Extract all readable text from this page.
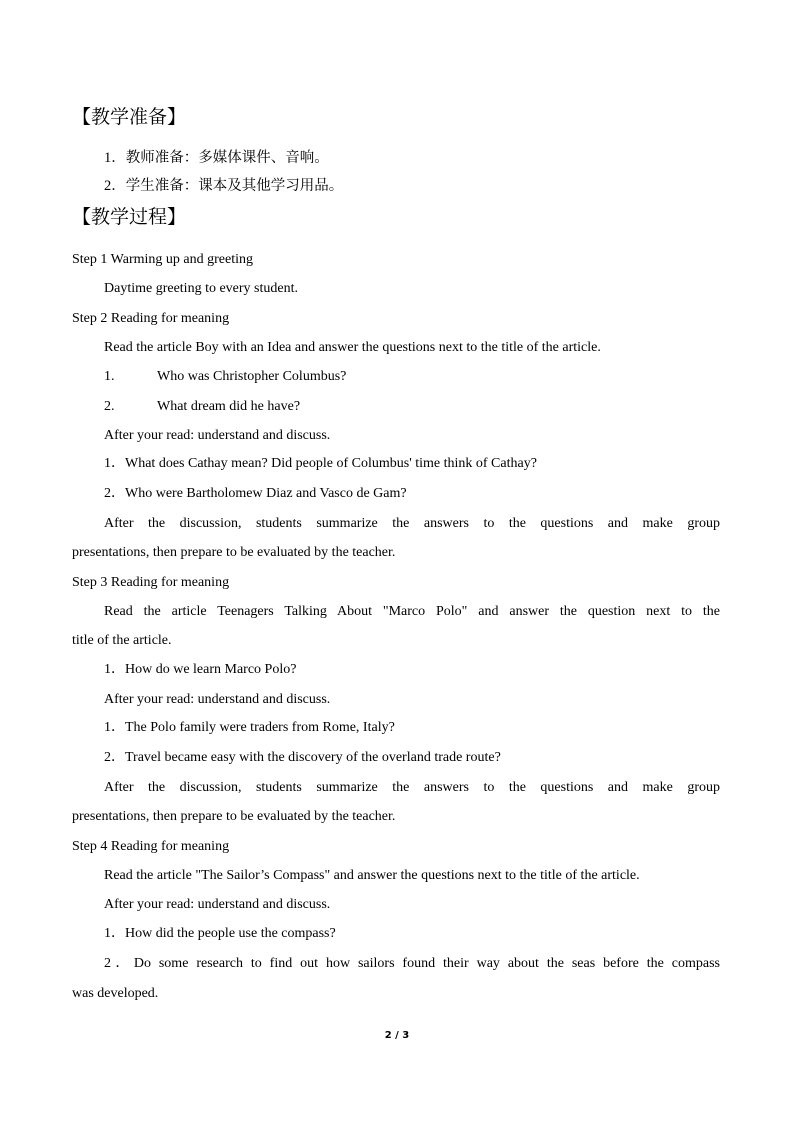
【教学准备】
1．教师准备：多媒体课件、音响。
2．学生准备：课本及其他学习用品。
【教学过程】
Step 1 Warming up and greeting
Daytime greeting to every student.
Step 2 Reading for meaning
Read the article Boy with an Idea and answer the questions next to the title of the article.
1.	Who was Christopher Columbus?
2.	What dream did he have?
After your read: understand and discuss.
1．What does Cathay mean? Did people of Columbus' time think of Cathay?
2．Who were Bartholomew Diaz and Vasco de Gam?
After the discussion, students summarize the answers to the questions and make group
presentations, then prepare to be evaluated by the teacher.
Step 3 Reading for meaning
Read the article Teenagers Talking About "Marco Polo" and answer the question next to the
title of the article.
1．How do we learn Marco Polo?
After your read: understand and discuss.
1．The Polo family were traders from Rome, Italy?
2．Travel became easy with the discovery of the overland trade route?
After the discussion, students summarize the answers to the questions and make group
presentations, then prepare to be evaluated by the teacher.
Step 4 Reading for meaning
Read the article "The Sailor’s Compass" and answer the questions next to the title of the article.
After your read: understand and discuss.
1．How did the people use the compass?
2．Do some research to find out how sailors found their way about the seas before the compass
was developed.
2 / 3
